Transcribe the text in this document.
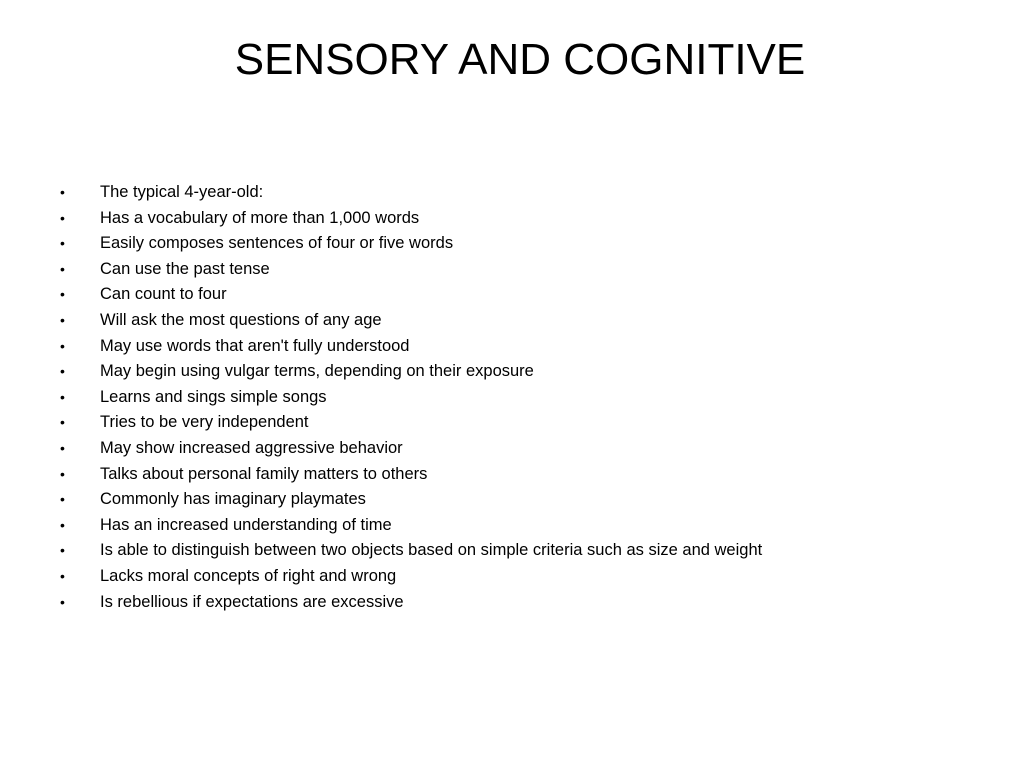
SENSORY AND COGNITIVE
•	The typical 4-year-old:
•	Has a vocabulary of more than 1,000 words
•	Easily composes sentences of four or five words
•	Can use the past tense
•	Can count to four
•	Will ask the most questions of any age
•	May use words that aren't fully understood
•	May begin using vulgar terms, depending on their exposure
•	Learns and sings simple songs
•	Tries to be very independent
•	May show increased aggressive behavior
•	Talks about personal family matters to others
•	Commonly has imaginary playmates
•	Has an increased understanding of time
•	Is able to distinguish between two objects based on simple criteria such as size and weight
•	Lacks moral concepts of right and wrong
•	Is rebellious if expectations are excessive
